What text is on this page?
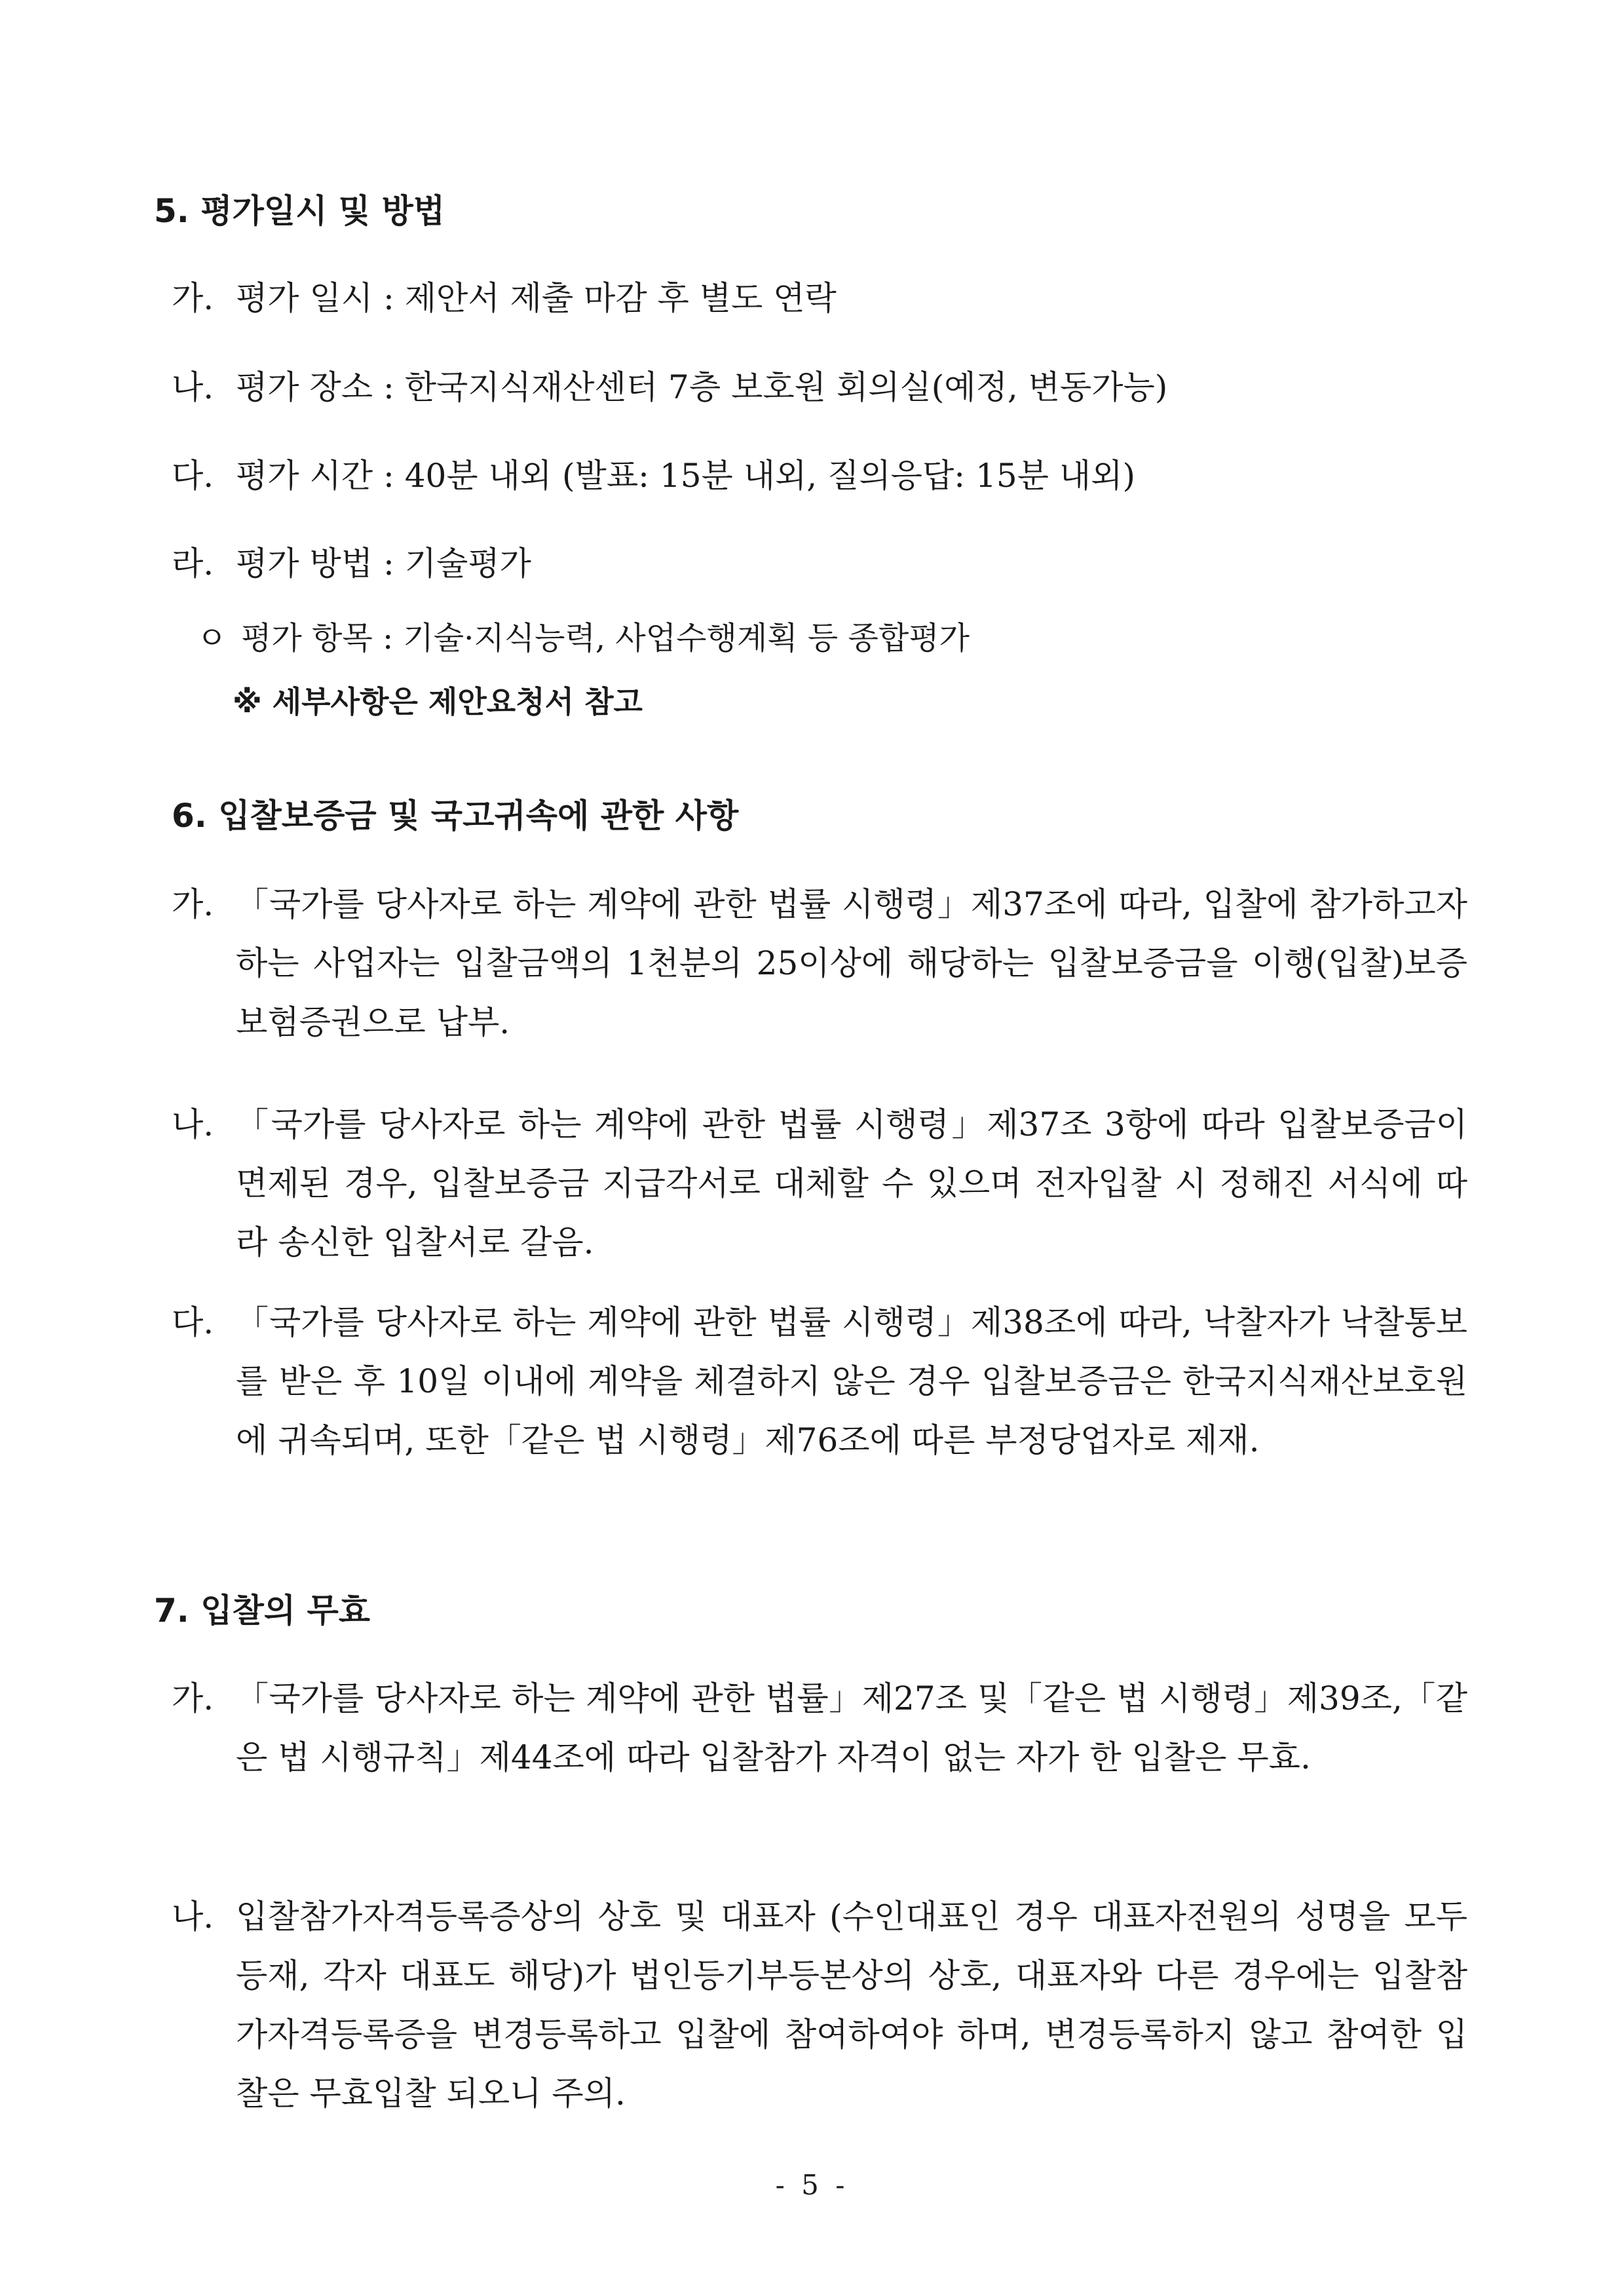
5. 평가일시 및 방법
가. 평가 일시 : 제안서 제출 마감 후 별도 연락
나. 평가 장소 : 한국지식재산센터 7층 보호원 회의실(예정, 변동가능)
다. 평가 시간 : 40분 내외 (발표: 15분 내외, 질의응답: 15분 내외)
라. 평가 방법 : 기술평가
ㅇ 평가 항목 : 기술·지식능력, 사업수행계획 등 종합평가
※ 세부사항은 제안요청서 참고
6. 입찰보증금 및 국고귀속에 관한 사항
가. 「국가를 당사자로 하는 계약에 관한 법률 시행령」제37조에 따라, 입찰에 참가하고자 하는 사업자는 입찰금액의 1천분의 25이상에 해당하는 입찰보증금을 이행(입찰)보증보험증권으로 납부.
나. 「국가를 당사자로 하는 계약에 관한 법률 시행령」제37조 3항에 따라 입찰보증금이 면제된 경우, 입찰보증금 지급각서로 대체할 수 있으며 전자입찰 시 정해진 서식에 따라 송신한 입찰서로 갈음.
다. 「국가를 당사자로 하는 계약에 관한 법률 시행령」제38조에 따라, 낙찰자가 낙찰통보를 받은 후 10일 이내에 계약을 체결하지 않은 경우 입찰보증금은 한국지식재산보호원에 귀속되며, 또한「같은 법 시행령」제76조에 따른 부정당업자로 제재.
7. 입찰의 무효
가. 「국가를 당사자로 하는 계약에 관한 법률」제27조 및「같은 법 시행령」제39조,「같은 법 시행규칙」제44조에 따라 입찰참가 자격이 없는 자가 한 입찰은 무효.
나. 입찰참가자격등록증상의 상호 및 대표자 (수인대표인 경우 대표자전원의 성명을 모두 등재, 각자 대표도 해당)가 법인등기부등본상의 상호, 대표자와 다른 경우에는 입찰참가자격등록증을 변경등록하고 입찰에 참여하여야 하며, 변경등록하지 않고 참여한 입찰은 무효입찰 되오니 주의.
- 5 -
